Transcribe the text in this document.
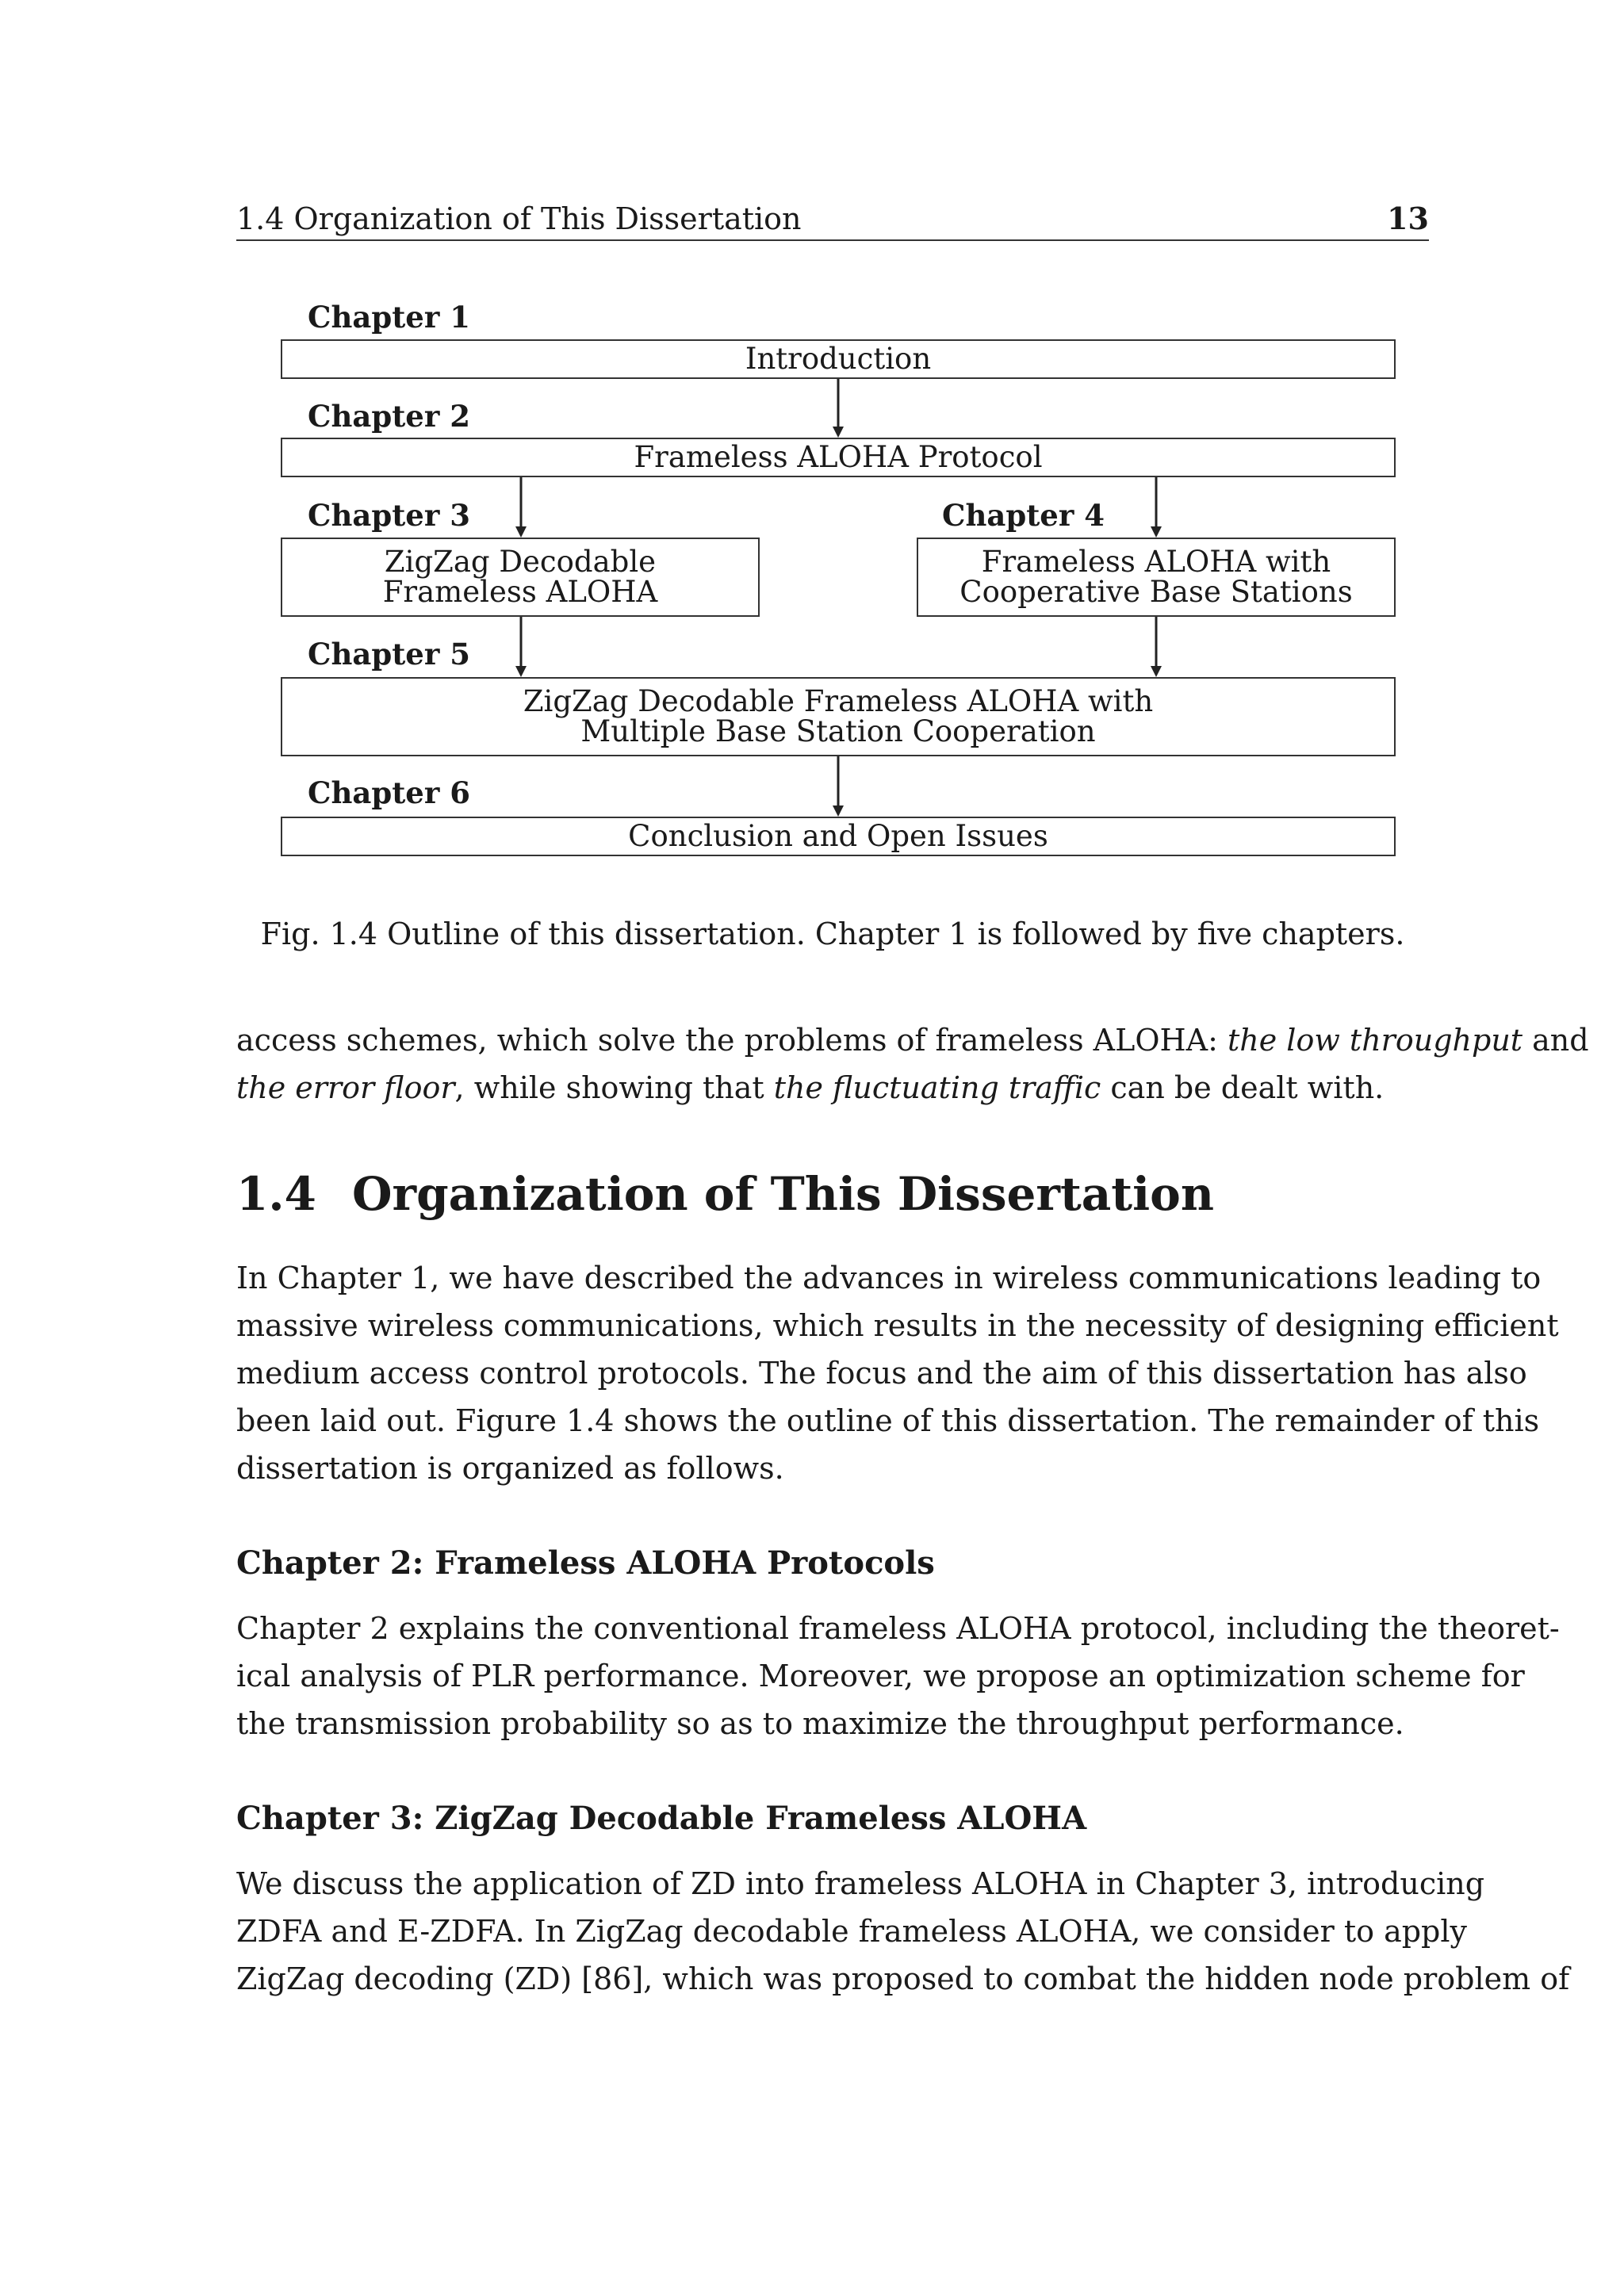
1.4 Organization of This Dissertation	13
Chapter 1
Introduction
Chapter 2
Frameless ALOHA Protocol
Chapter 3	Chapter 4
ZigZag Decodable
Frameless ALOHA
Frameless ALOHA with
Cooperative Base Stations
Chapter 5
ZigZag Decodable Frameless ALOHA with
Multiple Base Station Cooperation
Chapter 6
Conclusion and Open Issues
Fig. 1.4 Outline of this dissertation. Chapter 1 is followed by five chapters.
access schemes, which solve the problems of frameless ALOHA: the low throughput and
the error floor, while showing that the fluctuating traffic can be dealt with.
1.4 Organization of This Dissertation
In Chapter 1, we have described the advances in wireless communications leading to
massive wireless communications, which results in the necessity of designing efficient
medium access control protocols. The focus and the aim of this dissertation has also
been laid out. Figure 1.4 shows the outline of this dissertation. The remainder of this
dissertation is organized as follows.
Chapter 2: Frameless ALOHA Protocols
Chapter 2 explains the conventional frameless ALOHA protocol, including the theoret-
ical analysis of PLR performance. Moreover, we propose an optimization scheme for
the transmission probability so as to maximize the throughput performance.
Chapter 3: ZigZag Decodable Frameless ALOHA
We discuss the application of ZD into frameless ALOHA in Chapter 3, introducing
ZDFA and E-ZDFA. In ZigZag decodable frameless ALOHA, we consider to apply
ZigZag decoding (ZD) [86], which was proposed to combat the hidden node problem of
